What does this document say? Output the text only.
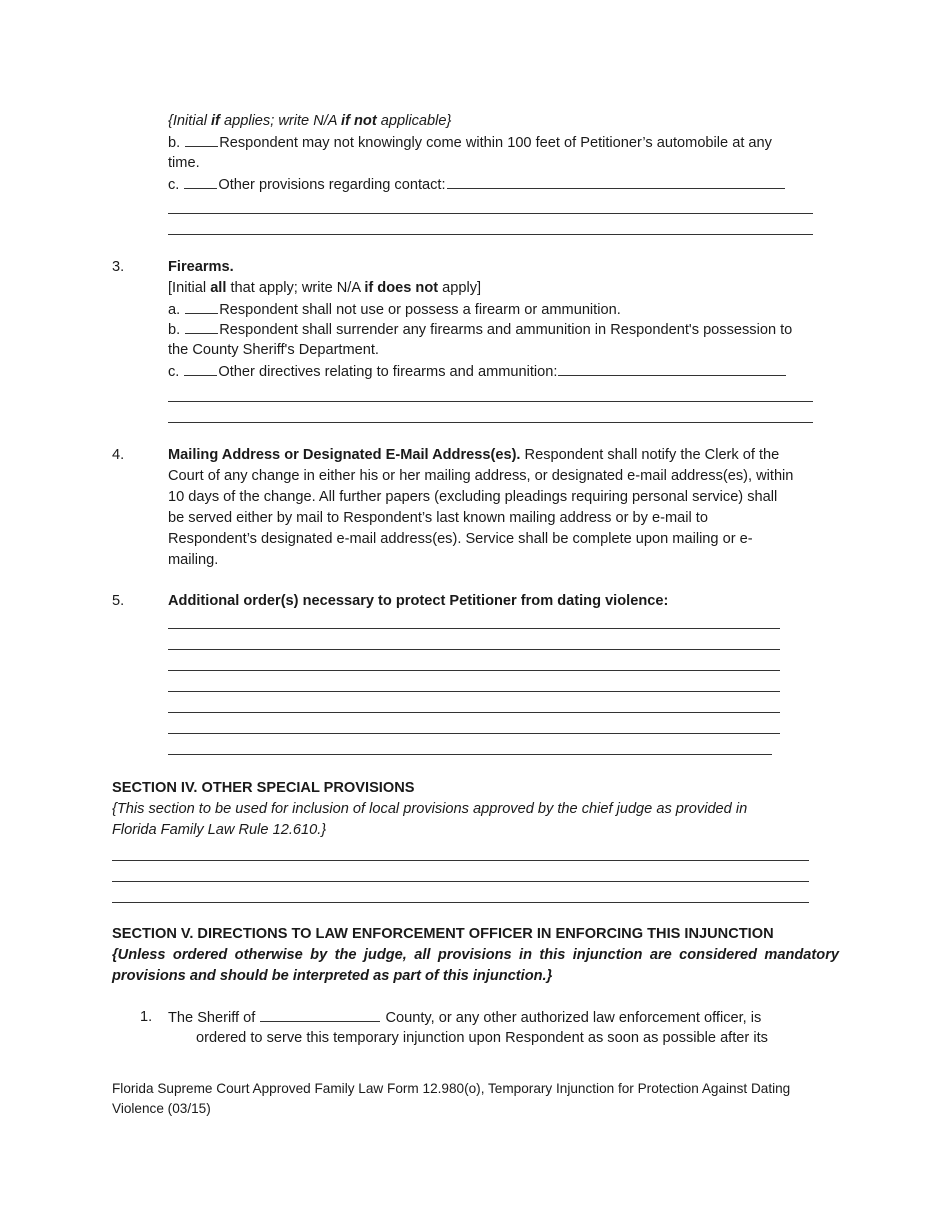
{Initial if applies; write N/A if not applicable}
b. Respondent may not knowingly come within 100 feet of Petitioner’s automobile at any
time.
c. Other provisions regarding contact:
3.	Firearms.
[Initial all that apply; write N/A if does not apply]
a. Respondent shall not use or possess a firearm or ammunition.
b. Respondent shall surrender any firearms and ammunition in Respondent's possession to
the County Sheriff's Department.
c. Other directives relating to firearms and ammunition:
4.	Mailing Address or Designated E-Mail Address(es). Respondent shall notify the Clerk of the
Court of any change in either his or her mailing address, or designated e-mail address(es), within
10 days of the change. All further papers (excluding pleadings requiring personal service) shall
be served either by mail to Respondent’s last known mailing address or by e-mail to
Respondent’s designated e-mail address(es). Service shall be complete upon mailing or e-
mailing.
5.	Additional order(s) necessary to protect Petitioner from dating violence:
SECTION IV. OTHER SPECIAL PROVISIONS
{This section to be used for inclusion of local provisions approved by the chief judge as provided in
Florida Family Law Rule 12.610.}
SECTION V. DIRECTIONS TO LAW ENFORCEMENT OFFICER IN ENFORCING THIS INJUNCTION
{Unless ordered otherwise by the judge, all provisions in this injunction are considered mandatory
provisions and should be interpreted as part of this injunction.}
1. The Sheriff of	County, or any other authorized law enforcement officer, is
ordered to serve this temporary injunction upon Respondent as soon as possible after its
Florida Supreme Court Approved Family Law Form 12.980(o), Temporary Injunction for Protection Against Dating
Violence (03/15)
